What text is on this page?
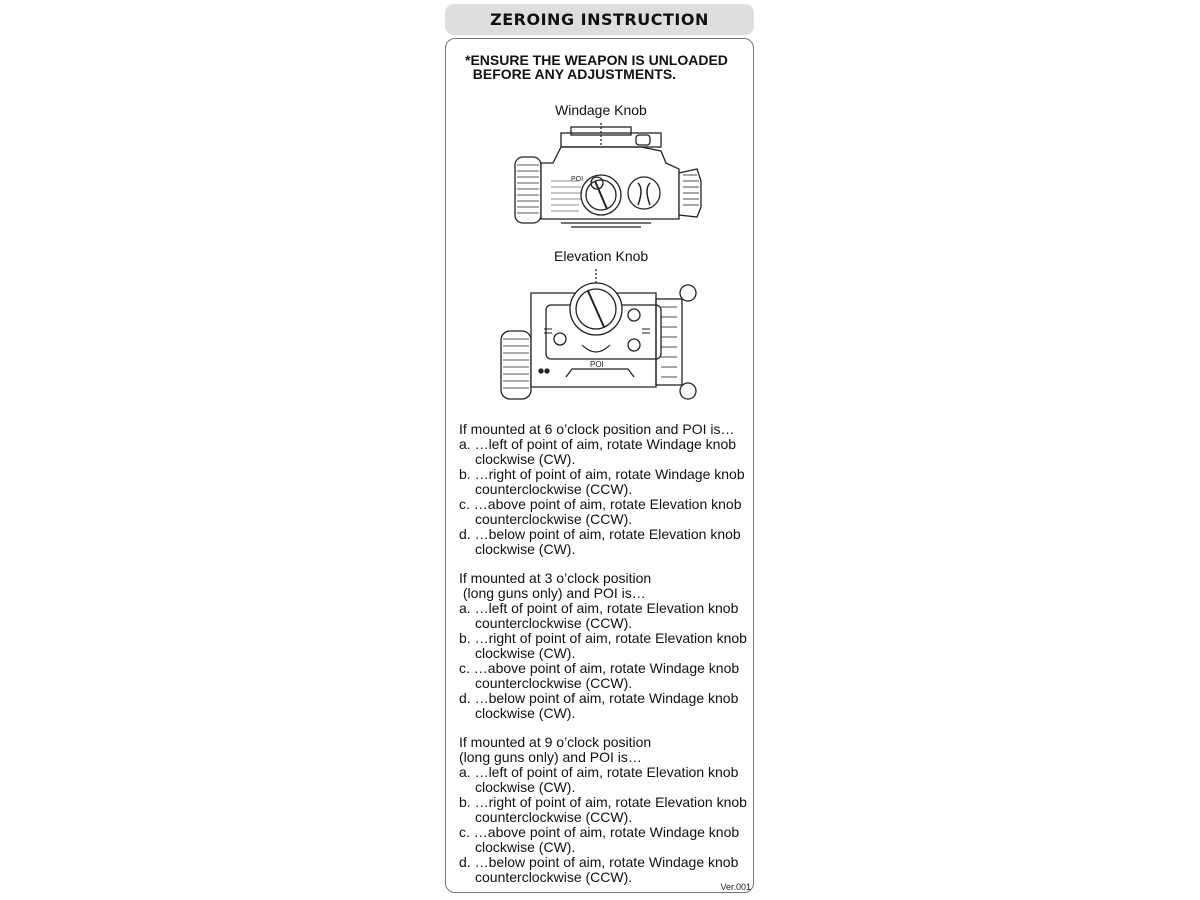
ZEROING INSTRUCTION
*ENSURE THE WEAPON IS UNLOADED
BEFORE ANY ADJUSTMENTS.
Windage Knob
POI
Elevation Knob
POI
If mounted at 6 o’clock position and POI is…
a. …left of point of aim, rotate Windage knob
clockwise (CW).
b. …right of point of aim, rotate Windage knob
counterclockwise (CCW).
c. …above point of aim, rotate Elevation knob
counterclockwise (CCW).
d. …below point of aim, rotate Elevation knob
clockwise (CW).
If mounted at 3 o’clock position
(long guns only) and POI is…
a. …left of point of aim, rotate Elevation knob
counterclockwise (CCW).
b. …right of point of aim, rotate Elevation knob
clockwise (CW).
c. …above point of aim, rotate Windage knob
counterclockwise (CCW).
d. …below point of aim, rotate Windage knob
clockwise (CW).
If mounted at 9 o’clock position
(long guns only) and POI is…
a. …left of point of aim, rotate Elevation knob
clockwise (CW).
b. …right of point of aim, rotate Elevation knob
counterclockwise (CCW).
c. …above point of aim, rotate Windage knob
clockwise (CW).
d. …below point of aim, rotate Windage knob
counterclockwise (CCW).
Ver.001
